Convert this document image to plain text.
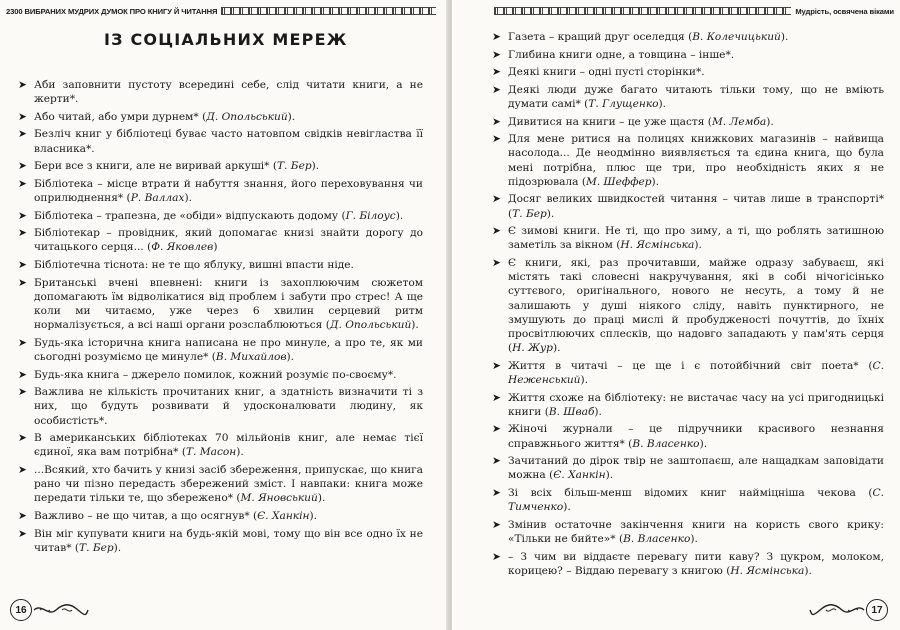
2300 ВИБРАНИХ МУДРИХ ДУМОК ПРО КНИГУ Й ЧИТАННЯ
ІЗ СОЦІАЛЬНИХ МЕРЕЖ
➤ Аби заповнити пустоту всередині себе, слід читати книги, а не жерти*.
➤ Або читай, або умри дурнем* (Д. Опольський).
➤ Безліч книг у бібліотеці буває часто натовпом свідків невігластва її власника*.
➤ Бери все з книги, але не виривай аркуші* (Т. Бер).
➤ Бібліотека – місце втрати й набуття знання, його переховування чи оприлюднення* (Р. Валлах).
➤ Бібліотека – трапезна, де «обіди» відпускають додому (Г. Білоус).
➤ Бібліотекар – провідник, який допомагає книзі знайти дорогу до читацького серця... (Ф. Яковлев)
➤ Бібліотечна тіснота: не те що яблуку, вишні впасти ніде.
➤ Британські вчені впевнені: книги із захоплюючим сюжетом допомагають їм відволікатися від проблем і забути про стрес! А ще коли ми читаємо, уже через 6 хвилин серцевий ритм нормалізується, а всі наші органи розслаблюються (Д. Опольський).
➤ Будь-яка історична книга написана не про минуле, а про те, як ми сьогодні розуміємо це минуле* (В. Михайлов).
➤ Будь-яка книга – джерело помилок, кожний розуміє по-своєму*.
➤ Важлива не кількість прочитаних книг, а здатність визначити ті з них, що будуть розвивати й удосконалювати людину, як особистість*.
➤ В американських бібліотеках 70 мільйонів книг, але немає тієї єдиної, яка вам потрібна* (Т. Масон).
➤ ...Всякий, хто бачить у книзі засіб збереження, припускає, що книга рано чи пізно передасть збережений зміст. І навпаки: книга може передати тільки те, що збережено* (М. Яновський).
➤ Важливо – не що читав, а що осягнув* (Є. Ханкін).
➤ Він міг купувати книги на будь-якій мові, тому що він все одно їх не читав* (Т. Бер).
16
Мудрість, освячена віками
➤ Газета – кращий друг оселедця (В. Колечицький).
➤ Глибина книги одне, а товщина – інше*.
➤ Деякі книги – одні пусті сторінки*.
➤ Деякі люди дуже багато читають тільки тому, що не вміють думати самі* (Т. Глущенко).
➤ Дивитися на книги – це уже щастя (М. Лемба).
➤ Для мене ритися на полицях книжкових магазинів – найвища насолода... Де неодмінно виявляється та єдина книга, що була мені потрібна, плюс ще три, про необхідність яких я не підозрювала (М. Шеффер).
➤ Досяг великих швидкостей читання – читав лише в транспорті* (Т. Бер).
➤ Є зимові книги. Не ті, що про зиму, а ті, що роблять затишною заметіль за вікном (Н. Ясмінська).
➤ Є книги, які, раз прочитавши, майже одразу забуваєш, які містять такі словесні накручування, які в собі нічогісінько суттєвого, оригінального, нового не несуть, а тому й не залишають у душі ніякого сліду, навіть пунктирного, не змушують до праці мислі й пробудженості почуттів, до їхніх просвітлюючих сплесків, що надовго западають у пам'ять серця (Н. Жур).
➤ Життя в читачі – це ще і є потойбічний світ поета* (С. Неженський).
➤ Життя схоже на бібліотеку: не вистачає часу на усі пригодницькі книги (В. Шваб).
➤ Жіночі журнали – це підручники красивого незнання справжнього життя* (В. Власенко).
➤ Зачитаний до дірок твір не заштопаєш, але нащадкам заповідати можна (Є. Ханкін).
➤ Зі всіх більш-менш відомих книг найміцніша чекова (С. Тимченко).
➤ Змінив остаточне закінчення книги на користь свого крику: «Тільки не бийте»* (В. Власенко).
➤ – З чим ви віддаєте перевагу пити каву? З цукром, молоком, корицею? – Віддаю перевагу з книгою (Н. Ясмінська).
17
